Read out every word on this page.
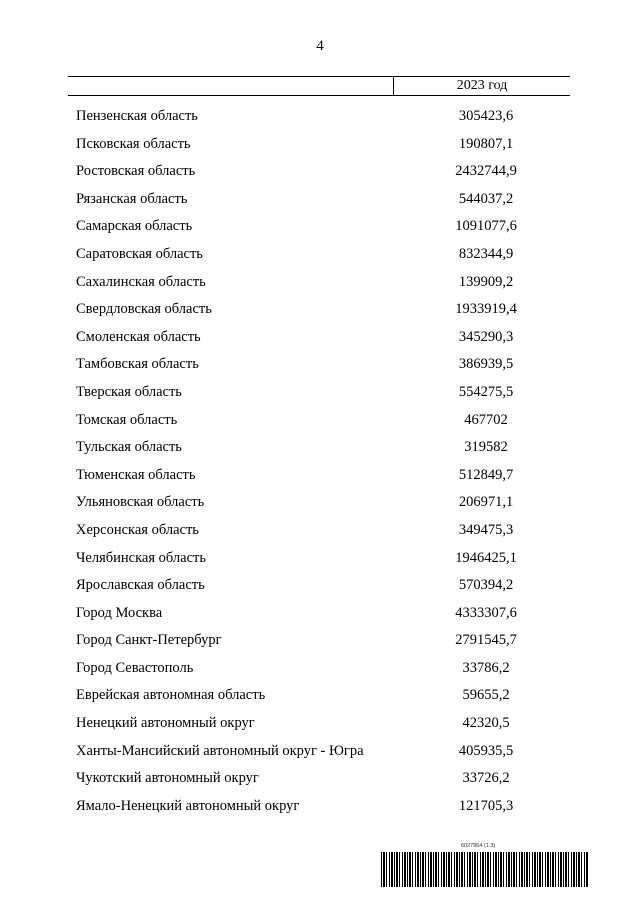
4
2023 год
Пензенская область	305423,6
Псковская область	190807,1
Ростовская область	2432744,9
Рязанская область	544037,2
Самарская область	1091077,6
Саратовская область	832344,9
Сахалинская область	139909,2
Свердловская область	1933919,4
Смоленская область	345290,3
Тамбовская область	386939,5
Тверская область	554275,5
Томская область	467702
Тульская область	319582
Тюменская область	512849,7
Ульяновская область	206971,1
Херсонская область	349475,3
Челябинская область	1946425,1
Ярославская область	570394,2
Город Москва	4333307,6
Город Санкт-Петербург	2791545,7
Город Севастополь	33786,2
Еврейская автономная область	59655,2
Ненецкий автономный округ	42320,5
Ханты-Мансийский автономный округ - Югра	405935,5
Чукотский автономный округ	33726,2
Ямало-Ненецкий автономный округ	121705,3
6027864 (1.3)
